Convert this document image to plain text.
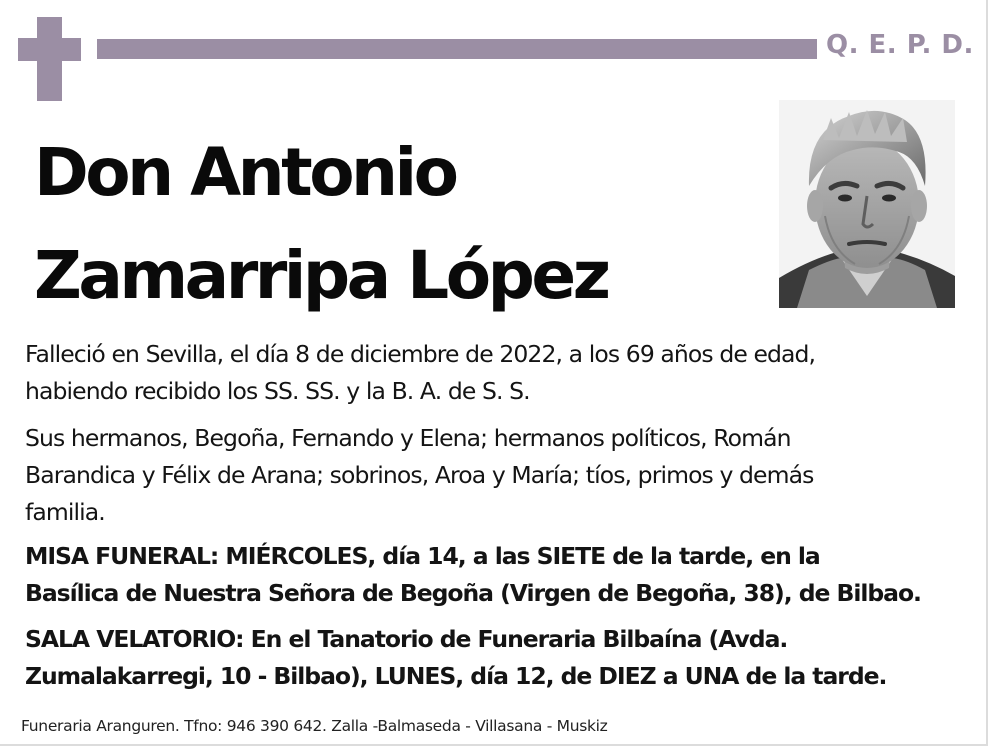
Q. E. P. D.
Don Antonio
Zamarripa López

Falleció en Sevilla, el día 8 de diciembre de 2022, a los 69 años de edad,
habiendo recibido los SS. SS. y la B. A. de S. S.

Sus hermanos, Begoña, Fernando y Elena; hermanos políticos, Román
Barandica y Félix de Arana; sobrinos, Aroa y María; tíos, primos y demás
familia.

MISA FUNERAL: MIÉRCOLES, día 14, a las SIETE de la tarde, en la
Basílica de Nuestra Señora de Begoña (Virgen de Begoña, 38), de Bilbao.

SALA VELATORIO: En el Tanatorio de Funeraria Bilbaína (Avda.
Zumalakarregi, 10 - Bilbao), LUNES, día 12, de DIEZ a UNA de la tarde.

Funeraria Aranguren. Tfno: 946 390 642. Zalla -Balmaseda - Villasana - Muskiz
